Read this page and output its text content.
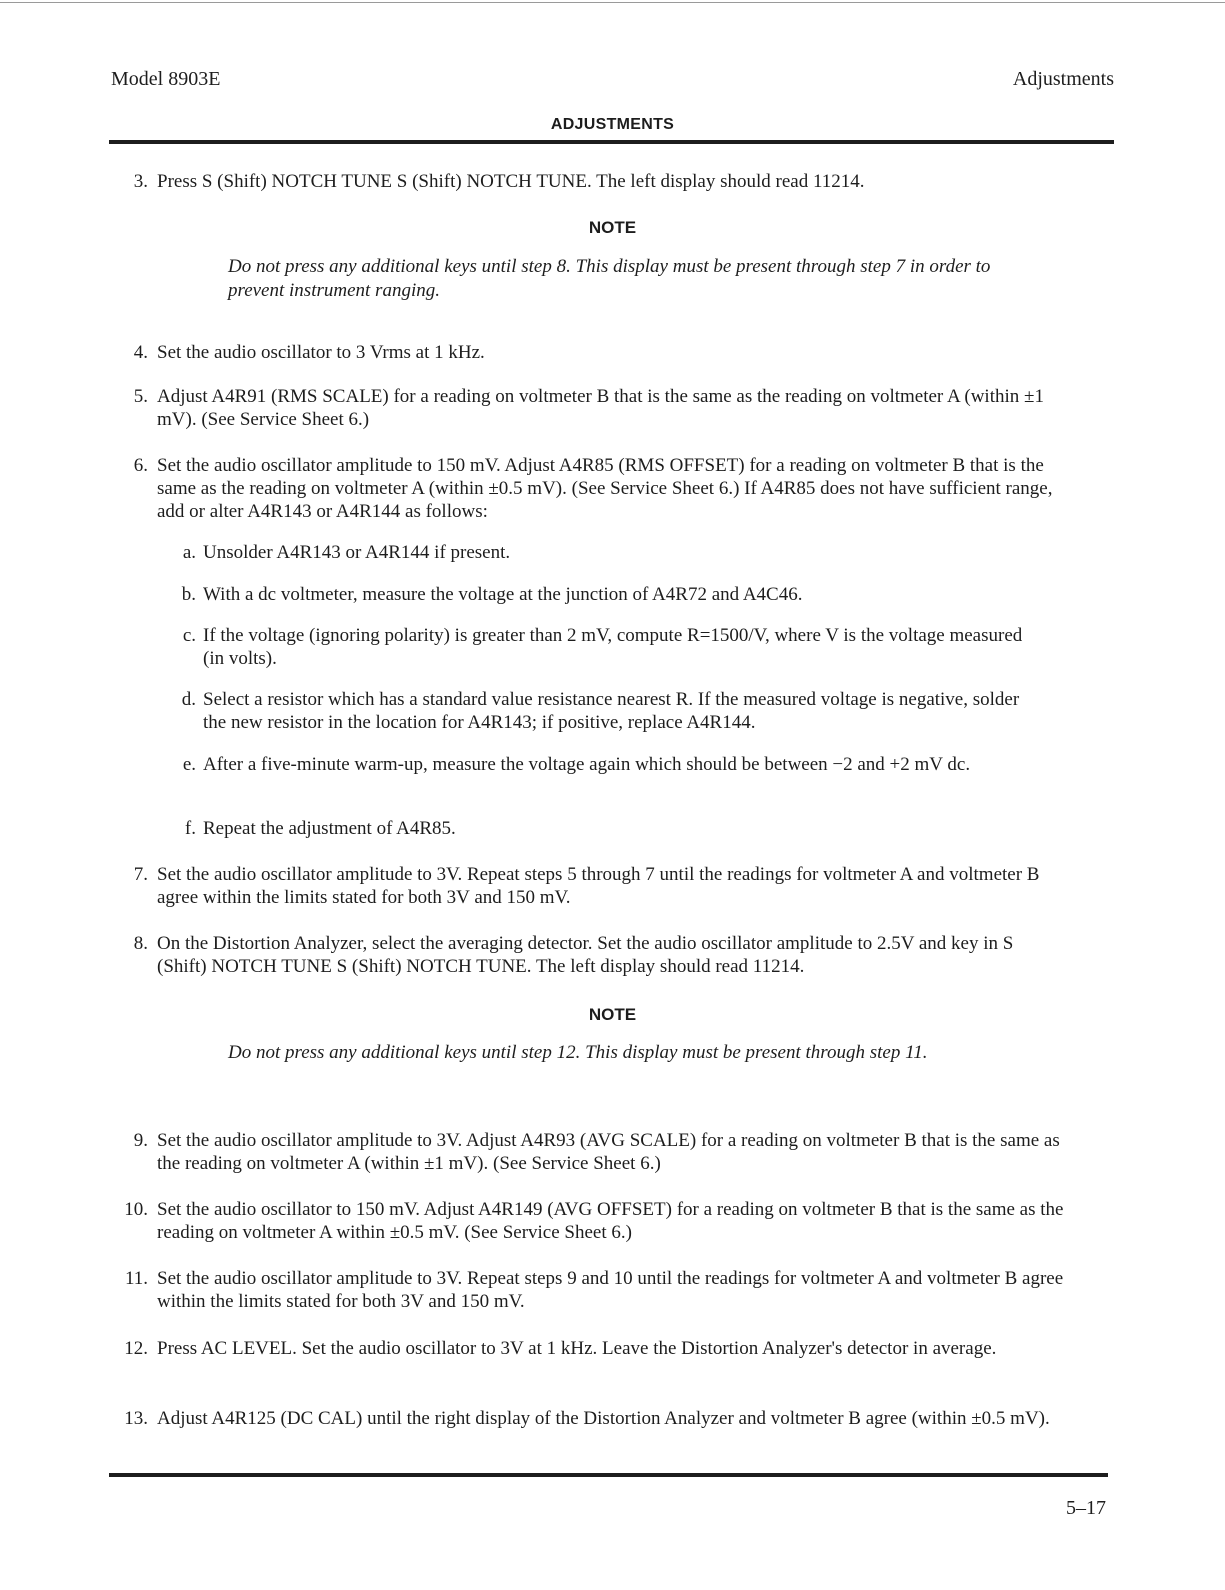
Model 8903E	Adjustments
ADJUSTMENTS
3. Press S (Shift) NOTCH TUNE S (Shift) NOTCH TUNE. The left display should read 11214.
NOTE
Do not press any additional keys until step 8. This display must be present through step 7 in order to prevent instrument ranging.
4. Set the audio oscillator to 3 Vrms at 1 kHz.
5. Adjust A4R91 (RMS SCALE) for a reading on voltmeter B that is the same as the reading on voltmeter A (within ±1 mV). (See Service Sheet 6.)
6. Set the audio oscillator amplitude to 150 mV. Adjust A4R85 (RMS OFFSET) for a reading on voltmeter B that is the same as the reading on voltmeter A (within ±0.5 mV). (See Service Sheet 6.) If A4R85 does not have sufficient range, add or alter A4R143 or A4R144 as follows:
a. Unsolder A4R143 or A4R144 if present.
b. With a dc voltmeter, measure the voltage at the junction of A4R72 and A4C46.
c. If the voltage (ignoring polarity) is greater than 2 mV, compute R=1500/V, where V is the voltage measured (in volts).
d. Select a resistor which has a standard value resistance nearest R. If the measured voltage is negative, solder the new resistor in the location for A4R143; if positive, replace A4R144.
e. After a five-minute warm-up, measure the voltage again which should be between −2 and +2 mV dc.
f. Repeat the adjustment of A4R85.
7. Set the audio oscillator amplitude to 3V. Repeat steps 5 through 7 until the readings for voltmeter A and voltmeter B agree within the limits stated for both 3V and 150 mV.
8. On the Distortion Analyzer, select the averaging detector. Set the audio oscillator amplitude to 2.5V and key in S (Shift) NOTCH TUNE S (Shift) NOTCH TUNE. The left display should read 11214.
NOTE
Do not press any additional keys until step 12. This display must be present through step 11.
9. Set the audio oscillator amplitude to 3V. Adjust A4R93 (AVG SCALE) for a reading on voltmeter B that is the same as the reading on voltmeter A (within ±1 mV). (See Service Sheet 6.)
10. Set the audio oscillator to 150 mV. Adjust A4R149 (AVG OFFSET) for a reading on voltmeter B that is the same as the reading on voltmeter A within ±0.5 mV. (See Service Sheet 6.)
11. Set the audio oscillator amplitude to 3V. Repeat steps 9 and 10 until the readings for voltmeter A and voltmeter B agree within the limits stated for both 3V and 150 mV.
12. Press AC LEVEL. Set the audio oscillator to 3V at 1 kHz. Leave the Distortion Analyzer's detector in average.
13. Adjust A4R125 (DC CAL) until the right display of the Distortion Analyzer and voltmeter B agree (within ±0.5 mV).
5–17
